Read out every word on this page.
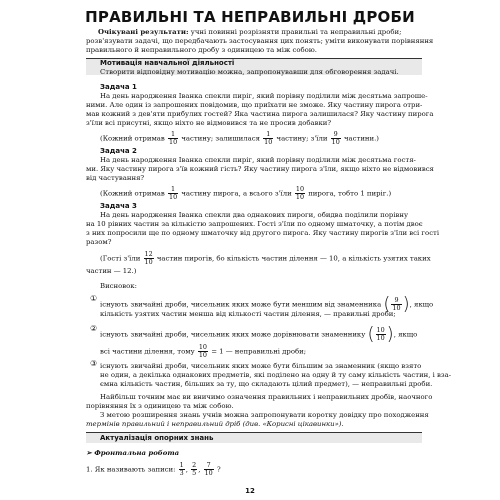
ПРАВИЛЬНІ ТА НЕПРАВИЛЬНІ ДРОБИ
Очікувані результати: учні повинні розрізняти правильні та неправильні дроби;
розв'язувати задачі, що передбачають застосування цих понять; уміти виконувати порівняння
правильного й неправильного дробу з одиницею та між собою.
Мотивація навчальної діяльності
Створити відповідну мотивацію можна, запропонувавши для обговорення задачі.
Задача 1
На день народження Іванка спекли пиріг, який порівну поділили між десятьма запроше-
ними. Але один із запрошених повідомив, що приїхати не зможе. Яку частину пирога отри-
мав кожний з дев'яти прибулих гостей? Яка частина пирога залишилася? Яку частину пирога
з'їли всі присутні, якщо ніхто не відмовився та не просив добавки?
(Кожний отримав $\frac{1}{10}$ частину; залишилася $\frac{1}{10}$ частину; $з'їли \frac{9}{10}$ частини.)
Задача 2
На день народження Іванка спекли пиріг, який порівну поділили між десятьма гостя-
ми. Яку частину пирога з'їв кожний гість? Яку частину пирога з'їли, якщо ніхто не відмовився
від частування?
(Кожний отримав $\frac{1}{10}$ частину пирога, а всього $з'їли \frac{10}{10}$ пирога, тобто 1 пиріг.)
Задача 3
На день народження Іванка спекли два однакових пироги, обидва поділили порівну
на 10 рівних частин за кількістю запрошених. Гості з'їли по одному шматочку, а потім двоє
з них попросили ще по одному шматочку від другого пирога. Яку частину пирогів з'їли всі гості
разом?
(Гості $з'їли \frac{12}{10}$ частин пирогів, бо кількість частин ділення — 10, а кількість узятих таких
частин — 12.)
Висновок:
①
існують звичайні дроби, чисельник яких може бути меншим від знаменника ( $\frac{9}{10}$ ), якщо
кількість узятих частин менша від кількості частин ділення, — правильні дроби;
②
існують звичайні дроби, чисельник яких може дорівнювати знаменнику ( $\frac{10}{10}$ ), якщо
всі частини ділення, тому $\frac{10}{10} = 1$ — неправильні дроби;
③ існують звичайні дроби, чисельник яких може бути більшим за знаменник (якщо взято
не один, а декілька однакових предметів, які поділено на одну й ту саму кількість частин, і вза-
ємна кількість частин, більших за ту, що складають цілий предмет), — неправильні дроби.
Найбільш точним має ви вничимо означення правильних і неправильних дробів, наочного
порівняння їх з одиницею та між собою.
З метою розширення знань учнів можна запропонувати коротку довідку про походження
термінів правильний і неправильний дріб (див. «Корисні цікавинки»).
Актуалізація опорних знань
➢ Фронтальна робота
1. Як називають записи: $\frac{1}{3}$ , $\frac{2}{5}$ , $\frac{7}{10}$ ?
12
